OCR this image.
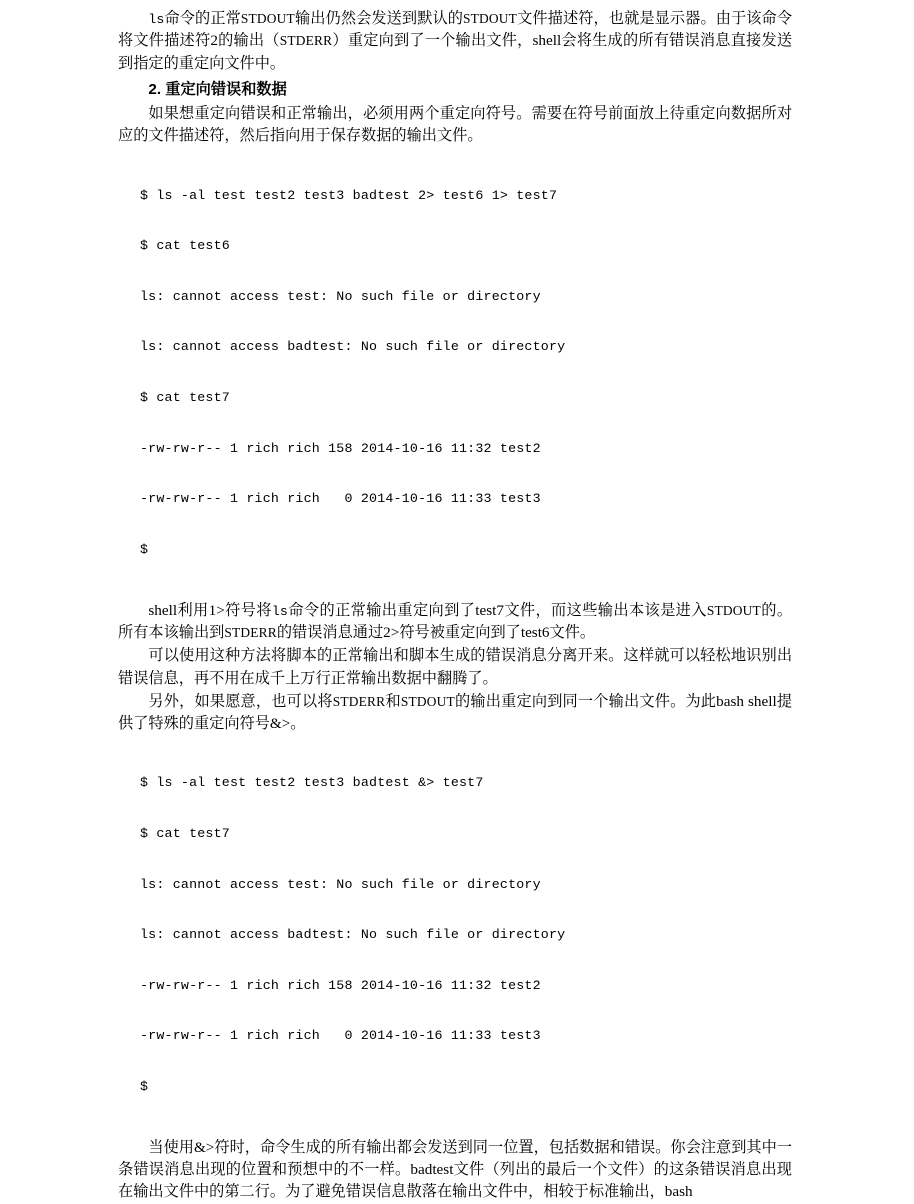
ls命令的正常STDOUT输出仍然会发送到默认的STDOUT文件描述符，也就是显示器。由于该命令将文件描述符2的输出（STDERR）重定向到了一个输出文件，shell会将生成的所有错误消息直接发送到指定的重定向文件中。

2. 重定向错误和数据

如果想重定向错误和正常输出，必须用两个重定向符号。需要在符号前面放上待重定向数据所对应的文件描述符，然后指向用于保存数据的输出文件。

$ ls -al test test2 test3 badtest 2> test6 1> test7

$ cat test6

ls: cannot access test: No such file or directory

ls: cannot access badtest: No such file or directory

$ cat test7

-rw-rw-r-- 1 rich rich 158 2014-10-16 11:32 test2

-rw-rw-r-- 1 rich rich   0 2014-10-16 11:33 test3

$

shell利用1>符号将ls命令的正常输出重定向到了test7文件，而这些输出本该是进入STDOUT的。所有本该输出到STDERR的错误消息通过2>符号被重定向到了test6文件。

可以使用这种方法将脚本的正常输出和脚本生成的错误消息分离开来。这样就可以轻松地识别出错误信息，再不用在成千上万行正常输出数据中翻腾了。

另外，如果愿意，也可以将STDERR和STDOUT的输出重定向到同一个输出文件。为此bash shell提供了特殊的重定向符号&>。

$ ls -al test test2 test3 badtest &> test7

$ cat test7

ls: cannot access test: No such file or directory

ls: cannot access badtest: No such file or directory

-rw-rw-r-- 1 rich rich 158 2014-10-16 11:32 test2

-rw-rw-r-- 1 rich rich   0 2014-10-16 11:33 test3

$

当使用&>符时，命令生成的所有输出都会发送到同一位置，包括数据和错误。你会注意到其中一条错误消息出现的位置和预想中的不一样。badtest文件（列出的最后一个文件）的这条错误消息出现在输出文件中的第二行。为了避免错误信息散落在输出文件中，相较于标准输出，bash
